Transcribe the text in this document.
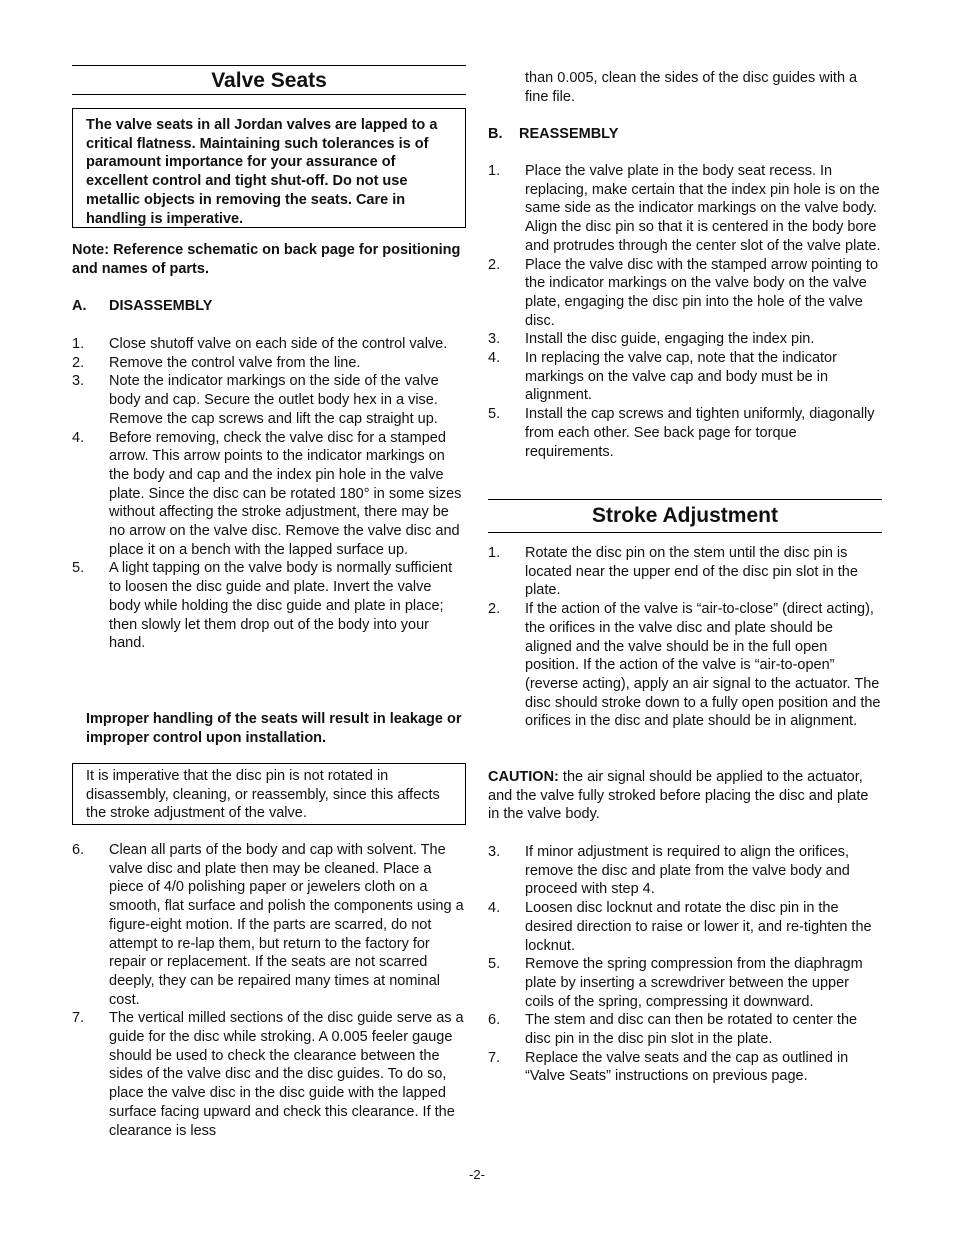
Valve Seats
The valve seats in all Jordan valves are lapped to a critical flatness. Maintaining such tolerances is of paramount importance for your assurance of excellent control and tight shut-off. Do not use metallic objects in removing the seats. Care in handling is imperative.

Note: Reference schematic on back page for positioning and names of parts.

A. DISASSEMBLY
1. Close shutoff valve on each side of the control valve.
2. Remove the control valve from the line.
3. Note the indicator markings on the side of the valve body and cap. Secure the outlet body hex in a vise. Remove the cap screws and lift the cap straight up.
4. Before removing, check the valve disc for a stamped arrow. This arrow points to the indicator markings on the body and cap and the index pin hole in the valve plate. Since the disc can be rotated 180° in some sizes without affecting the stroke adjustment, there may be no arrow on the valve disc. Remove the valve disc and place it on a bench with the lapped surface up.
5. A light tapping on the valve body is normally sufficient to loosen the disc guide and plate. Invert the valve body while holding the disc guide and plate in place; then slowly let them drop out of the body into your hand.

Improper handling of the seats will result in leakage or improper control upon installation.

It is imperative that the disc pin is not rotated in disassembly, cleaning, or reassembly, since this affects the stroke adjustment of the valve.
6. Clean all parts of the body and cap with solvent. The valve disc and plate then may be cleaned. Place a piece of 4/0 polishing paper or jewelers cloth on a smooth, flat surface and polish the components using a figure-eight motion. If the parts are scarred, do not attempt to re-lap them, but return to the factory for repair or replacement. If the seats are not scarred deeply, they can be repaired many times at nominal cost.
7. The vertical milled sections of the disc guide serve as a guide for the disc while stroking. A 0.005 feeler gauge should be used to check the clearance between the sides of the valve disc and the disc guides. To do so, place the valve disc in the disc guide with the lapped surface facing upward and check this clearance. If the clearance is less

than 0.005, clean the sides of the disc guides with a fine file.

B. REASSEMBLY
1. Place the valve plate in the body seat recess. In replacing, make certain that the index pin hole is on the same side as the indicator markings on the valve body. Align the disc pin so that it is centered in the body bore and protrudes through the center slot of the valve plate.
2. Place the valve disc with the stamped arrow pointing to the indicator markings on the valve body on the valve plate, engaging the disc pin into the hole of the valve disc.
3. Install the disc guide, engaging the index pin.
4. In replacing the valve cap, note that the indicator markings on the valve cap and body must be in alignment.
5. Install the cap screws and tighten uniformly, diagonally from each other. See back page for torque requirements.
Stroke Adjustment
1. Rotate the disc pin on the stem until the disc pin is located near the upper end of the disc pin slot in the plate.
2. If the action of the valve is “air-to-close” (direct acting), the orifices in the valve disc and plate should be aligned and the valve should be in the full open position. If the action of the valve is “air-to-open” (reverse acting), apply an air signal to the actuator. The disc should stroke down to a fully open position and the orifices in the disc and plate should be in alignment.

CAUTION: the air signal should be applied to the actuator, and the valve fully stroked before placing the disc and plate in the valve body.

3. If minor adjustment is required to align the orifices, remove the disc and plate from the valve body and proceed with step 4.
4. Loosen disc locknut and rotate the disc pin in the desired direction to raise or lower it, and re-tighten the locknut.
5. Remove the spring compression from the diaphragm plate by inserting a screwdriver between the upper coils of the spring, compressing it downward.
6. The stem and disc can then be rotated to center the disc pin in the disc pin slot in the plate.
7. Replace the valve seats and the cap as outlined in “Valve Seats” instructions on previous page.
-2-
